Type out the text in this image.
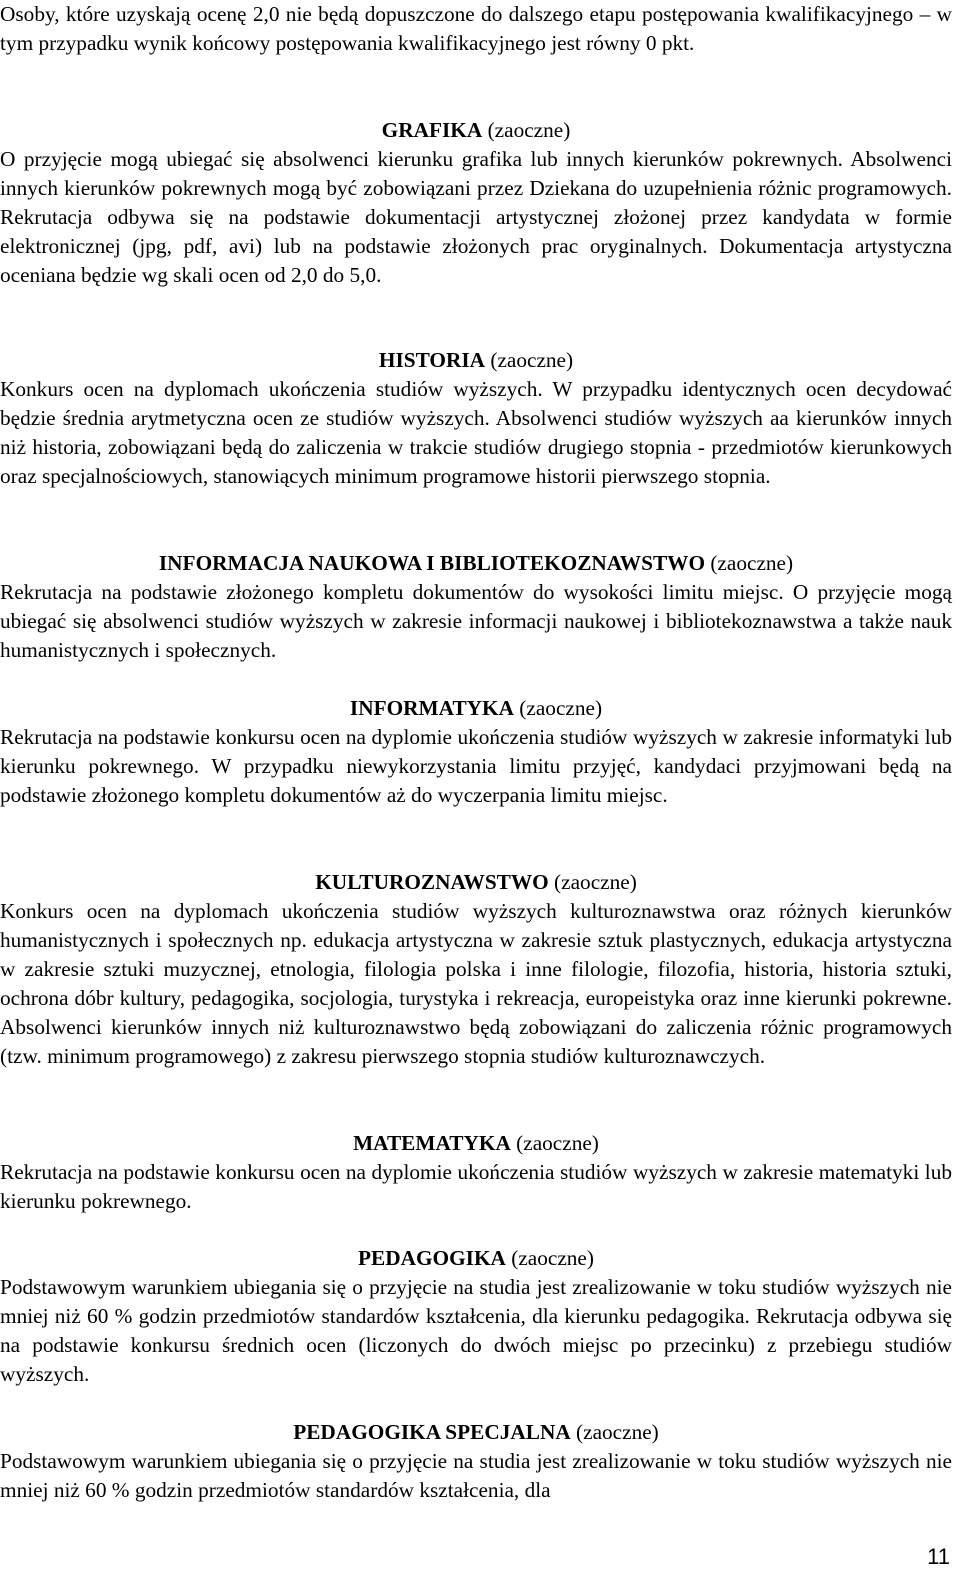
Osoby, które uzyskają ocenę 2,0 nie będą dopuszczone do dalszego etapu postępowania kwalifikacyjnego – w tym przypadku wynik końcowy postępowania kwalifikacyjnego jest równy 0 pkt.

GRAFIKA (zaoczne)

O przyjęcie mogą ubiegać się absolwenci kierunku grafika lub innych kierunków pokrewnych. Absolwenci innych kierunków pokrewnych mogą być zobowiązani przez Dziekana do uzupełnienia różnic programowych. Rekrutacja odbywa się na podstawie dokumentacji artystycznej złożonej przez kandydata w formie elektronicznej (jpg, pdf, avi) lub na podstawie złożonych prac oryginalnych. Dokumentacja artystyczna oceniana będzie wg skali ocen od 2,0 do 5,0.

HISTORIA (zaoczne)

Konkurs ocen na dyplomach ukończenia studiów wyższych. W przypadku identycznych ocen decydować będzie średnia arytmetyczna ocen ze studiów wyższych. Absolwenci studiów wyższych aa kierunków innych niż historia, zobowiązani będą do zaliczenia w trakcie studiów drugiego stopnia - przedmiotów kierunkowych oraz specjalnościowych, stanowiących minimum programowe historii pierwszego stopnia.

INFORMACJA NAUKOWA I BIBLIOTEKOZNAWSTWO (zaoczne)

Rekrutacja na podstawie złożonego kompletu dokumentów do wysokości limitu miejsc. O przyjęcie mogą ubiegać się absolwenci studiów wyższych w zakresie informacji naukowej i bibliotekoznawstwa a także nauk humanistycznych i społecznych.

INFORMATYKA (zaoczne)

Rekrutacja na podstawie konkursu ocen na dyplomie ukończenia studiów wyższych w zakresie informatyki lub kierunku pokrewnego. W przypadku niewykorzystania limitu przyjęć, kandydaci przyjmowani będą na podstawie złożonego kompletu dokumentów aż do wyczerpania limitu miejsc.

KULTUROZNAWSTWO (zaoczne)

Konkurs ocen na dyplomach ukończenia studiów wyższych kulturoznawstwa oraz różnych kierunków humanistycznych i społecznych np. edukacja artystyczna w zakresie sztuk plastycznych, edukacja artystyczna w zakresie sztuki muzycznej, etnologia, filologia polska i inne filologie, filozofia, historia, historia sztuki, ochrona dóbr kultury, pedagogika, socjologia, turystyka i rekreacja, europeistyka oraz inne kierunki pokrewne. Absolwenci kierunków innych niż kulturoznawstwo będą zobowiązani do zaliczenia różnic programowych (tzw. minimum programowego) z zakresu pierwszego stopnia studiów kulturoznawczych.

MATEMATYKA (zaoczne)

Rekrutacja na podstawie konkursu ocen na dyplomie ukończenia studiów wyższych w zakresie matematyki lub kierunku pokrewnego.

PEDAGOGIKA (zaoczne)

Podstawowym warunkiem ubiegania się o przyjęcie na studia jest zrealizowanie w toku studiów wyższych nie mniej niż 60 % godzin przedmiotów standardów kształcenia, dla kierunku pedagogika. Rekrutacja odbywa się na podstawie konkursu średnich ocen (liczonych do dwóch miejsc po przecinku) z przebiegu studiów wyższych.

PEDAGOGIKA SPECJALNA (zaoczne)

Podstawowym warunkiem ubiegania się o przyjęcie na studia jest zrealizowanie w toku studiów wyższych nie mniej niż 60 % godzin przedmiotów standardów kształcenia, dla

11
